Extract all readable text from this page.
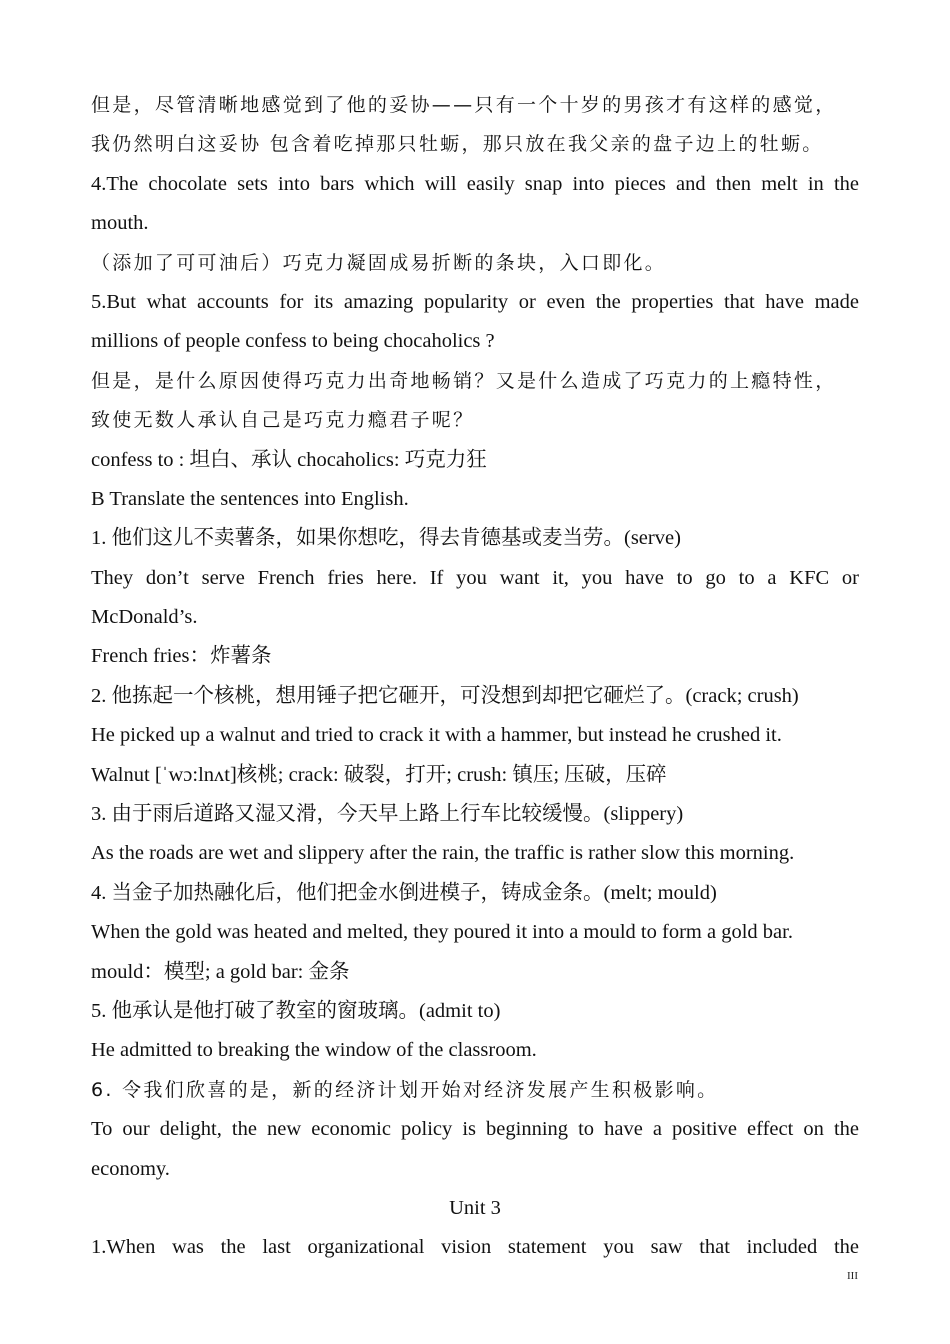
但是，尽管清晰地感觉到了他的妥协——只有一个十岁的男孩才有这样的感觉，
我仍然明白这妥协 包含着吃掉那只牡蛎，那只放在我父亲的盘子边上的牡蛎。
4.The chocolate sets into bars which will easily snap into pieces and then melt in the
mouth.
（添加了可可油后）巧克力凝固成易折断的条块，入口即化。
5.But what accounts for its amazing popularity or even the properties that have made
millions of people confess to being chocaholics ?
但是，是什么原因使得巧克力出奇地畅销？又是什么造成了巧克力的上瘾特性，
致使无数人承认自己是巧克力瘾君子呢？
confess to : 坦白、承认 chocaholics: 巧克力狂
B Translate the sentences into English.
1. 他们这儿不卖薯条，如果你想吃，得去肯德基或麦当劳。(serve)
They don’t serve French fries here. If you want it, you have to go to a KFC or
McDonald’s.
French fries：炸薯条
2. 他拣起一个核桃，想用锤子把它砸开，可没想到却把它砸烂了。(crack; crush)
He picked up a walnut and tried to crack it with a hammer, but instead he crushed it.
Walnut [ˈwɔ:lnʌt]核桃; crack: 破裂，打开; crush: 镇压; 压破，压碎
3. 由于雨后道路又湿又滑，今天早上路上行车比较缓慢。(slippery)
As the roads are wet and slippery after the rain, the traffic is rather slow this morning.
4. 当金子加热融化后，他们把金水倒进模子，铸成金条。(melt; mould)
When the gold was heated and melted, they poured it into a mould to form a gold bar.
mould：模型; a gold bar: 金条
5. 他承认是他打破了教室的窗玻璃。(admit to)
He admitted to breaking the window of the classroom.
6. 令我们欣喜的是，新的经济计划开始对经济发展产生积极影响。
To our delight, the new economic policy is beginning to have a positive effect on the
economy.
Unit 3
1.When was the last organizational vision statement you saw that included the
III
